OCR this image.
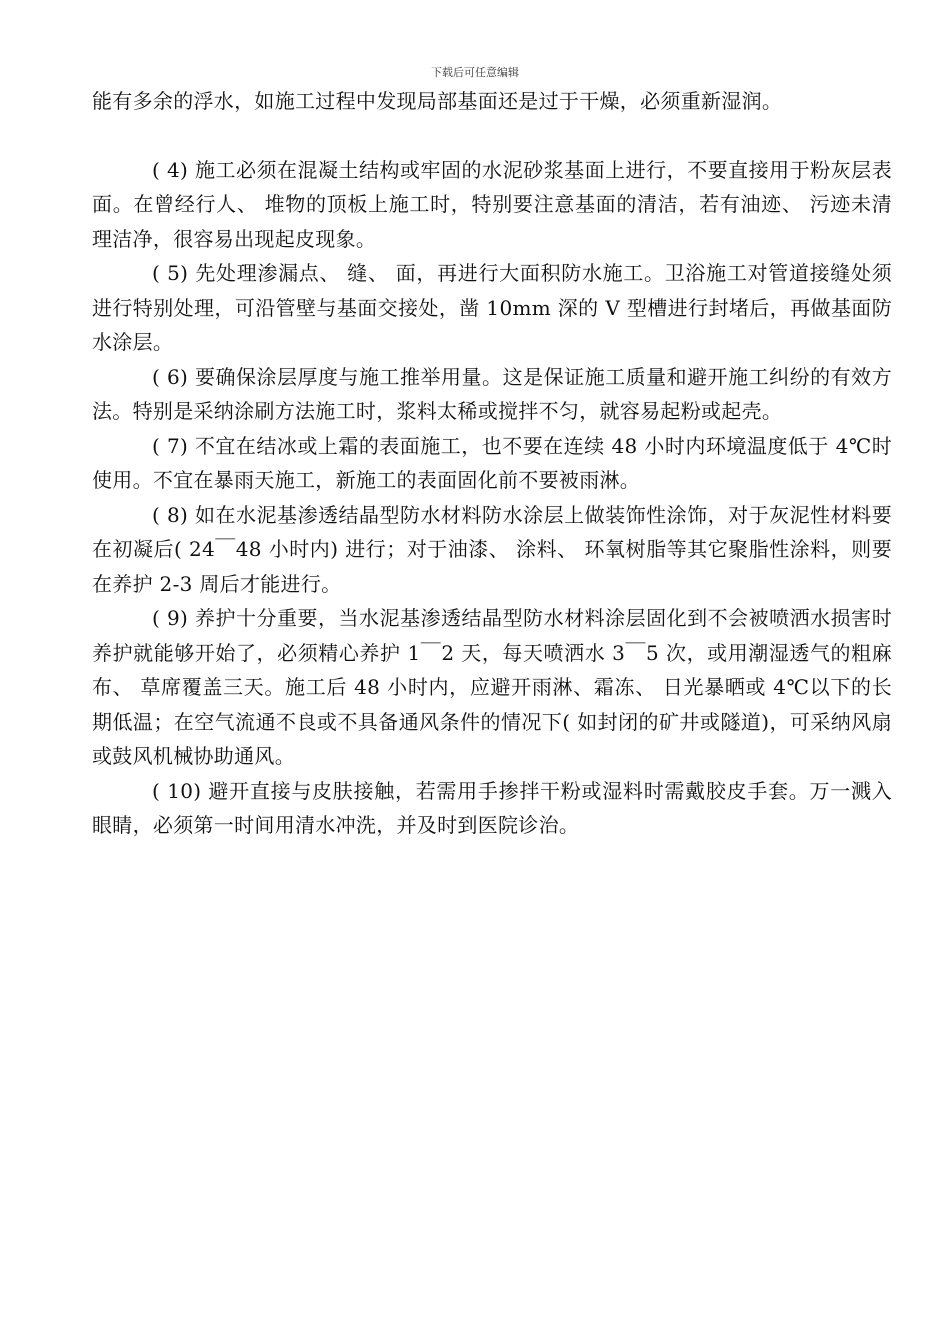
下载后可任意编辑

能有多余的浮水，如施工过程中发现局部基面还是过于干燥，必须重新湿润。

( 4) 施工必须在混凝土结构或牢固的水泥砂浆基面上进行，不要直接用于粉灰层表面。在曾经行人、 堆物的顶板上施工时，特别要注意基面的清洁，若有油迹、 污迹未清理洁净，很容易出现起皮现象。

( 5) 先处理渗漏点、 缝、 面，再进行大面积防水施工。卫浴施工对管道接缝处须进行特别处理，可沿管壁与基面交接处，凿 10mm 深的 V 型槽进行封堵后，再做基面防水涂层。

( 6) 要确保涂层厚度与施工推举用量。这是保证施工质量和避开施工纠纷的有效方法。特别是采纳涂刷方法施工时，浆料太稀或搅拌不匀，就容易起粉或起壳。

( 7) 不宜在结冰或上霜的表面施工，也不要在连续 48 小时内环境温度低于 4℃时使用。不宜在暴雨天施工，新施工的表面固化前不要被雨淋。

( 8) 如在水泥基渗透结晶型防水材料防水涂层上做装饰性涂饰，对于灰泥性材料要在初凝后( 24￣48 小时内) 进行；对于油漆、 涂料、 环氧树脂等其它聚脂性涂料，则要在养护 2-3 周后才能进行。

( 9) 养护十分重要，当水泥基渗透结晶型防水材料涂层固化到不会被喷洒水损害时养护就能够开始了，必须精心养护 1￣2 天，每天喷洒水 3￣5 次，或用潮湿透气的粗麻布、 草席覆盖三天。施工后 48 小时内，应避开雨淋、霜冻、 日光暴晒或 4℃以下的长期低温；在空气流通不良或不具备通风条件的情况下( 如封闭的矿井或隧道)，可采纳风扇或鼓风机械协助通风。

( 10) 避开直接与皮肤接触，若需用手掺拌干粉或湿料时需戴胶皮手套。万一溅入眼睛，必须第一时间用清水冲洗，并及时到医院诊治。
